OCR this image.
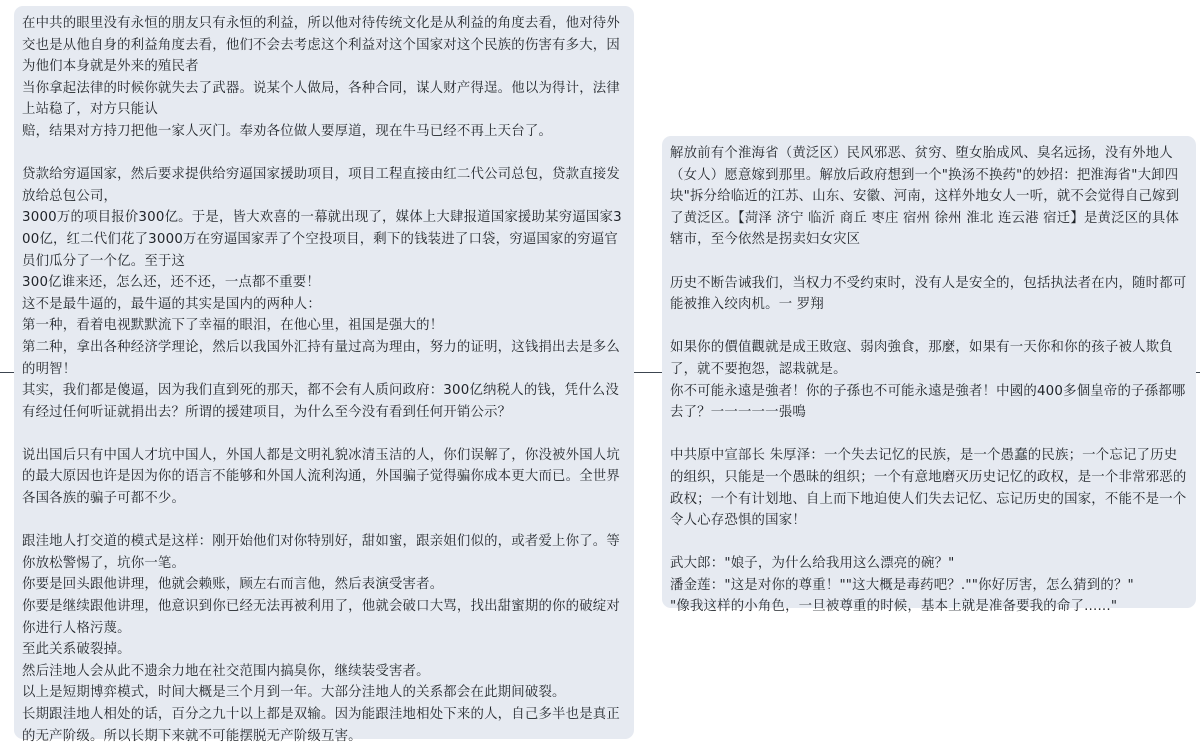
在中共的眼里没有永恒的朋友只有永恒的利益，所以他对待传统文化是从利益的角度去看，他对待外交也是从他自身的利益角度去看，他们不会去考虑这个利益对这个国家对这个民族的伤害有多大，因为他们本身就是外来的殖民者
当你拿起法律的时候你就失去了武器。说某个人做局，各种合同，谋人财产得逞。他以为得计，法律上站稳了，对方只能认
赔，结果对方持刀把他一家人灭门。奉劝各位做人要厚道，现在牛马已经不再上天台了。
贷款给穷逼国家，然后要求提供给穷逼国家援助项目，项目工程直接由红二代公司总包，贷款直接发放给总包公司，
3000万的项目报价300亿。于是，皆大欢喜的一幕就出现了，媒体上大肆报道国家援助某穷逼国家300亿，红二代们花了3000万在穷逼国家弄了个空投项目，剩下的钱装进了口袋，穷逼国家的穷逼官员们瓜分了一个亿。至于这
300亿谁来还，怎么还，还不还，一点都不重要！
这不是最牛逼的，最牛逼的其实是国内的两种人：
第一种，看着电视默默流下了幸福的眼泪，在他心里，祖国是强大的！
第二种，拿出各种经济学理论，然后以我国外汇持有量过高为理由，努力的证明，这钱捐出去是多么的明智！
其实，我们都是傻逼，因为我们直到死的那天，都不会有人质问政府：300亿纳税人的钱，凭什么没有经过任何听证就捐出去？所谓的援建项目，为什么至今没有看到任何开销公示？
说出国后只有中国人才坑中国人，外国人都是文明礼貌冰清玉洁的人，你们误解了，你没被外国人坑的最大原因也许是因为你的语言不能够和外国人流利沟通，外国骗子觉得骗你成本更大而已。全世界各国各族的骗子可都不少。
跟洼地人打交道的模式是这样：刚开始他们对你特别好，甜如蜜，跟亲姐们似的，或者爱上你了。等你放松警惕了，坑你一笔。
你要是回头跟他讲理，他就会赖账，顾左右而言他，然后表演受害者。
你要是继续跟他讲理，他意识到你已经无法再被利用了，他就会破口大骂，找出甜蜜期的你的破绽对你进行人格污蔑。
至此关系破裂掉。
然后洼地人会从此不遗余力地在社交范围内搞臭你，继续装受害者。
以上是短期博弈模式，时间大概是三个月到一年。大部分洼地人的关系都会在此期间破裂。
长期跟洼地人相处的话，百分之九十以上都是双输。因为能跟洼地相处下来的人，自己多半也是真正的无产阶级。所以长期下来就不可能摆脱无产阶级互害。
解放前有个淮海省（黄泛区）民风邪恶、贫穷、堕女胎成风、臭名远扬，没有外地人（女人）愿意嫁到那里。解放后政府想到一个"换汤不换药"的妙招：把淮海省"大卸四块"拆分给临近的江苏、山东、安徽、河南，这样外地女人一听，就不会觉得自己嫁到了黄泛区。【菏泽 济宁 临沂 商丘 枣庄 宿州 徐州 淮北 连云港 宿迁】是黄泛区的具体辖市，至今依然是拐卖妇女灾区
历史不断告诫我们，当权力不受约束时，没有人是安全的，包括执法者在内，随时都可能被推入绞肉机。一 罗翔
如果你的價值觀就是成王敗寇、弱肉強食，那麼，如果有一天你和你的孩子被人欺負了，就不要抱怨，認栽就是。
你不可能永遠是強者！你的子孫也不可能永遠是強者！中國的400多個皇帝的子孫都哪去了？一一一一一張鳴
中共原中宣部长 朱厚泽：一个失去记忆的民族，是一个愚蠢的民族；一个忘记了历史的组织，只能是一个愚昧的组织；一个有意地磨灭历史记忆的政权，是一个非常邪恶的政权；一个有计划地、自上而下地迫使人们失去记忆、忘记历史的国家，不能不是一个令人心存恐惧的国家！
武大郎："娘子，为什么给我用这么漂亮的碗？"
潘金莲："这是对你的尊重！""这大概是毒药吧？.""你好厉害，怎么猜到的？"
"像我这样的小角色，一旦被尊重的时候，基本上就是准备要我的命了......"
